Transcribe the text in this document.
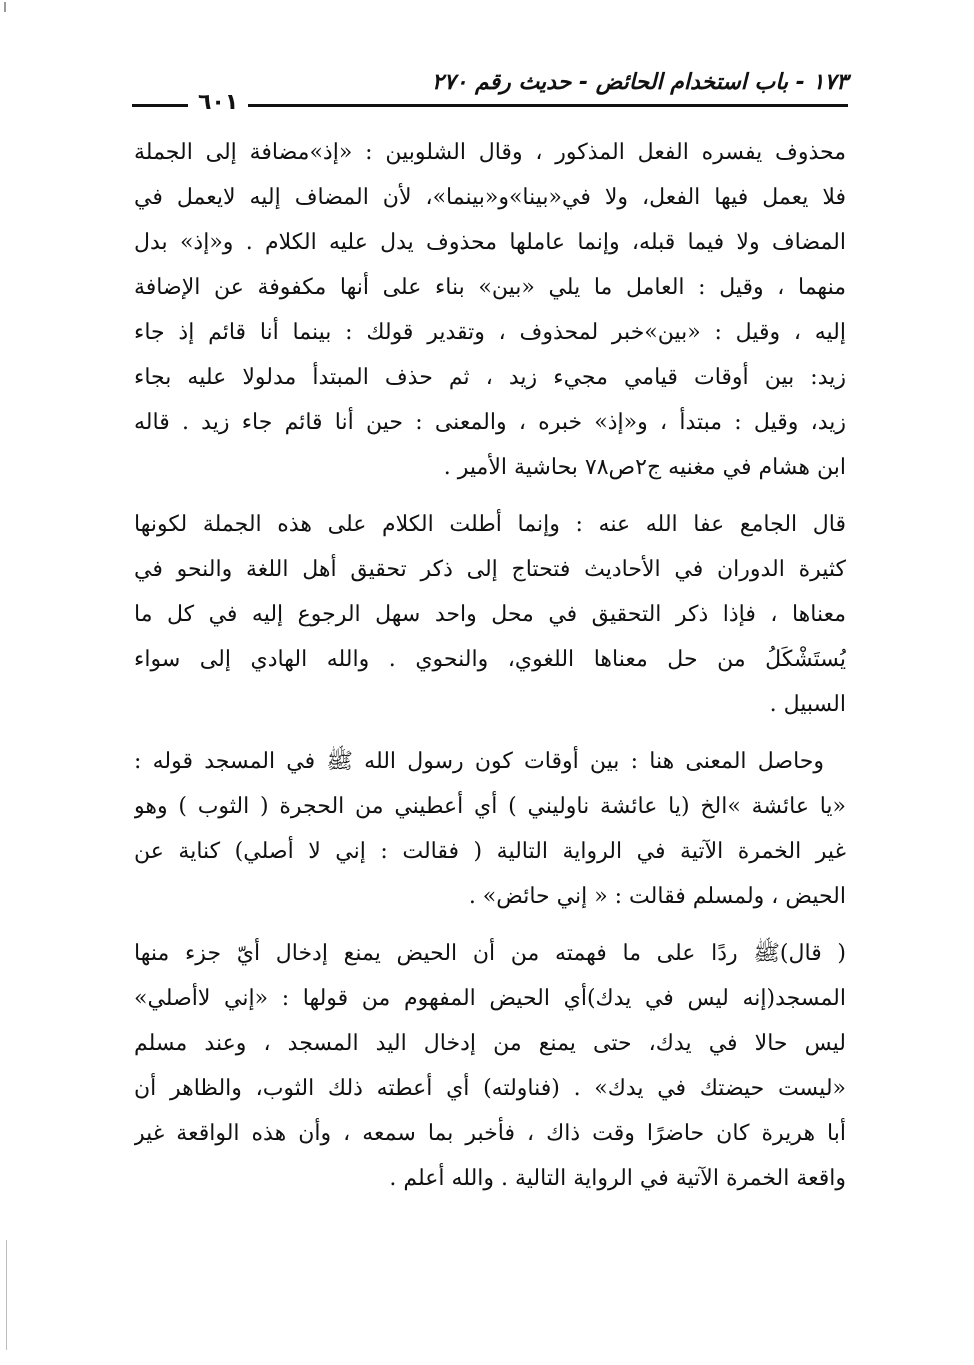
١٧٣ - باب استخدام الحائض - حديث رقم ٢٧٠
٦٠١
محذوف يفسره الفعل المذكور ، وقال الشلوبين : «إذ»مضافة إلى الجملة
فلا يعمل فيها الفعل، ولا في«بينا»و«بينما»، لأن المضاف إليه لايعمل في
المضاف ولا فيما قبله، وإنما عاملها محذوف يدل عليه الكلام . و«إذ» بدل
منهما ، وقيل : العامل ما يلي «بين» بناء على أنها مكفوفة عن الإضافة
إليه ، وقيل : «بين»خبر لمحذوف ، وتقدير قولك : بينما أنا قائم إذ جاء
زيد: بين أوقات قيامي مجيء زيد ، ثم حذف المبتدأ مدلولا عليه بجاء
زيد، وقيل : مبتدأ ، و«إذ» خبره ، والمعنى : حين أنا قائم جاء زيد . قاله
ابن هشام في مغنيه ج٢ص٧٨ بحاشية الأمير .
قال الجامع عفا الله عنه : وإنما أطلت الكلام على هذه الجملة لكونها
كثيرة الدوران في الأحاديث فتحتاج إلى ذكر تحقيق أهل اللغة والنحو في
معناها ، فإذا ذكر التحقيق في محل واحد سهل الرجوع إليه في كل ما
يُستَشْكَلُ من حل معناها اللغوي، والنحوي . والله الهادي إلى سواء
السبيل .
وحاصل المعنى هنا : بين أوقات كون رسول الله ﷺ في المسجد قوله :
«يا عائشة »الخ (يا عائشة ناوليني ) أي أعطيني من الحجرة ( الثوب ) وهو
غير الخمرة الآتية في الرواية التالية ( فقالت : إني لا أصلي) كناية عن
الحيض ، ولمسلم فقالت : « إني حائض» .
( قال)ﷺ ردًا على ما فهمته من أن الحيض يمنع إدخال أيّ جزء منها
المسجد(إنه ليس في يدك)أي الحيض المفهوم من قولها : «إني لاأصلي»
ليس حالا في يدك، حتى يمنع من إدخال اليد المسجد ، وعند مسلم
«ليست حيضتك في يدك» . (فناولته) أي أعطته ذلك الثوب، والظاهر أن
أبا هريرة كان حاضرًا وقت ذاك ، فأخبر بما سمعه ، وأن هذه الواقعة غير
واقعة الخمرة الآتية في الرواية التالية . والله أعلم .
